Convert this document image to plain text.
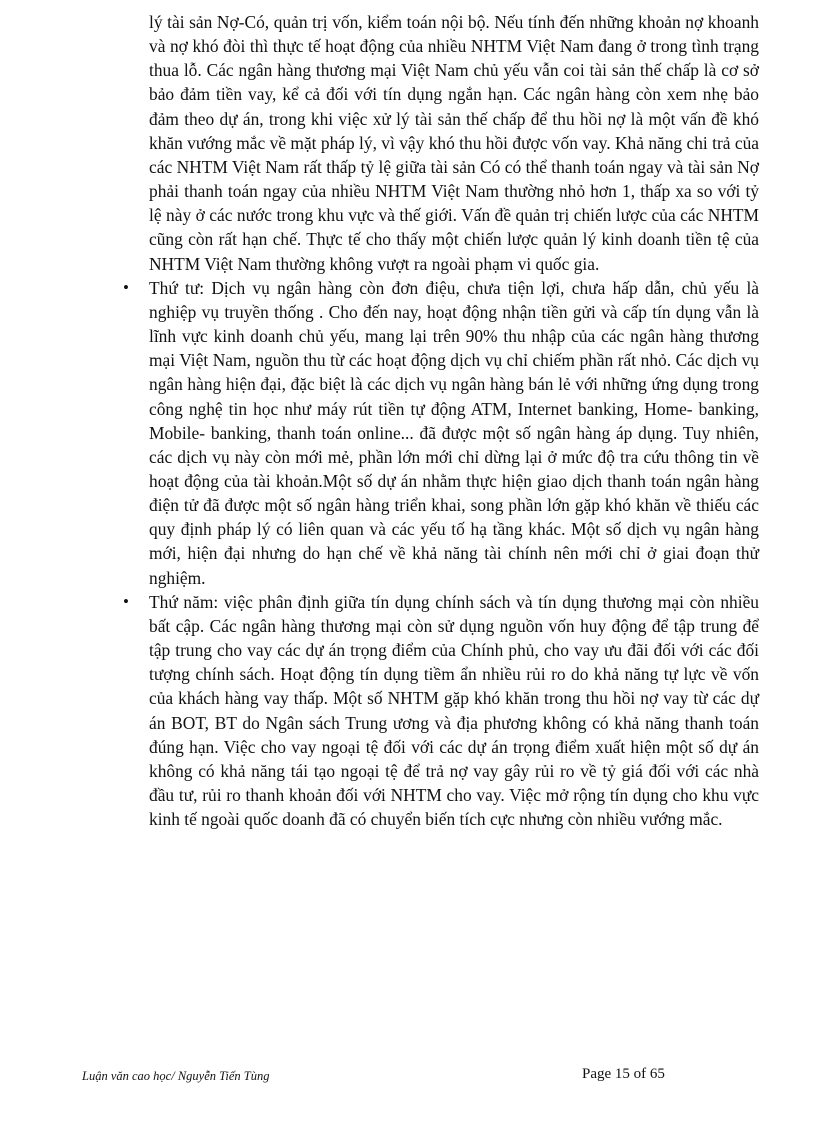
lý tài sản Nợ-Có, quản trị vốn, kiểm toán nội bộ. Nếu tính đến những khoản nợ khoanh và nợ khó đòi thì thực tế hoạt động của nhiều NHTM Việt Nam đang ở trong tình trạng thua lỗ. Các ngân hàng thương mại Việt Nam chủ yếu vẫn coi tài sản thế chấp là cơ sở bảo đảm tiền vay, kể cả đối với tín dụng ngắn hạn. Các ngân hàng còn xem nhẹ bảo đảm theo dự án, trong khi việc xử lý tài sản thế chấp để thu hồi nợ là một vấn đề khó khăn vướng mắc về mặt pháp lý, vì vậy khó thu hồi được vốn vay. Khả năng chi trả của các NHTM Việt Nam rất thấp tỷ lệ giữa tài sản Có có thể thanh toán ngay và tài sản Nợ phải thanh toán ngay của nhiều NHTM Việt Nam thường nhỏ hơn 1, thấp xa so với tỷ lệ này ở các nước trong khu vực và thế giới. Vấn đề quản trị chiến lược của các NHTM cũng còn rất hạn chế. Thực tế cho thấy một chiến lược quản lý kinh doanh tiền tệ của NHTM Việt Nam thường không vượt ra ngoài phạm vi quốc gia.

• Thứ tư: Dịch vụ ngân hàng còn đơn điệu, chưa tiện lợi, chưa hấp dẫn, chủ yếu là nghiệp vụ truyền thống . Cho đến nay, hoạt động nhận tiền gửi và cấp tín dụng vẫn là lĩnh vực kinh doanh chủ yếu, mang lại trên 90% thu nhập của các ngân hàng thương mại Việt Nam, nguồn thu từ các hoạt động dịch vụ chỉ chiếm phần rất nhỏ. Các dịch vụ ngân hàng hiện đại, đặc biệt là các dịch vụ ngân hàng bán lẻ với những ứng dụng trong công nghệ tin học như máy rút tiền tự động ATM, Internet banking, Home- banking, Mobile- banking, thanh toán online... đã được một số ngân hàng áp dụng. Tuy nhiên, các dịch vụ này còn mới mẻ, phần lớn mới chỉ dừng lại ở mức độ tra cứu thông tin về hoạt động của tài khoản.Một số dự án nhằm thực hiện giao dịch thanh toán ngân hàng điện tử đã được một số ngân hàng triển khai, song phần lớn gặp khó khăn về thiếu các quy định pháp lý có liên quan và các yếu tố hạ tầng khác. Một số dịch vụ ngân hàng mới, hiện đại nhưng do hạn chế về khả năng tài chính nên mới chỉ ở giai đoạn thử nghiệm.
• Thứ năm: việc phân định giữa tín dụng chính sách và tín dụng thương mại còn nhiều bất cập. Các ngân hàng thương mại còn sử dụng nguồn vốn huy động để tập trung để tập trung cho vay các dự án trọng điểm của Chính phủ, cho vay ưu đãi đối với các đối tượng chính sách. Hoạt động tín dụng tiềm ẩn nhiều rủi ro do khả năng tự lực về vốn của khách hàng vay thấp. Một số NHTM gặp khó khăn trong thu hồi nợ vay từ các dự án BOT, BT do Ngân sách Trung ương và địa phương không có khả năng thanh toán đúng hạn. Việc cho vay ngoại tệ đối với các dự án trọng điểm xuất hiện một số dự án không có khả năng tái tạo ngoại tệ để trả nợ vay gây rủi ro về tỷ giá đối với các nhà đầu tư, rủi ro thanh khoản đối với NHTM cho vay. Việc mở rộng tín dụng cho khu vực kinh tế ngoài quốc doanh đã có chuyển biến tích cực nhưng còn nhiều vướng mắc.
Luận văn cao học/ Nguyễn Tiến Tùng	Page 15 of 65
